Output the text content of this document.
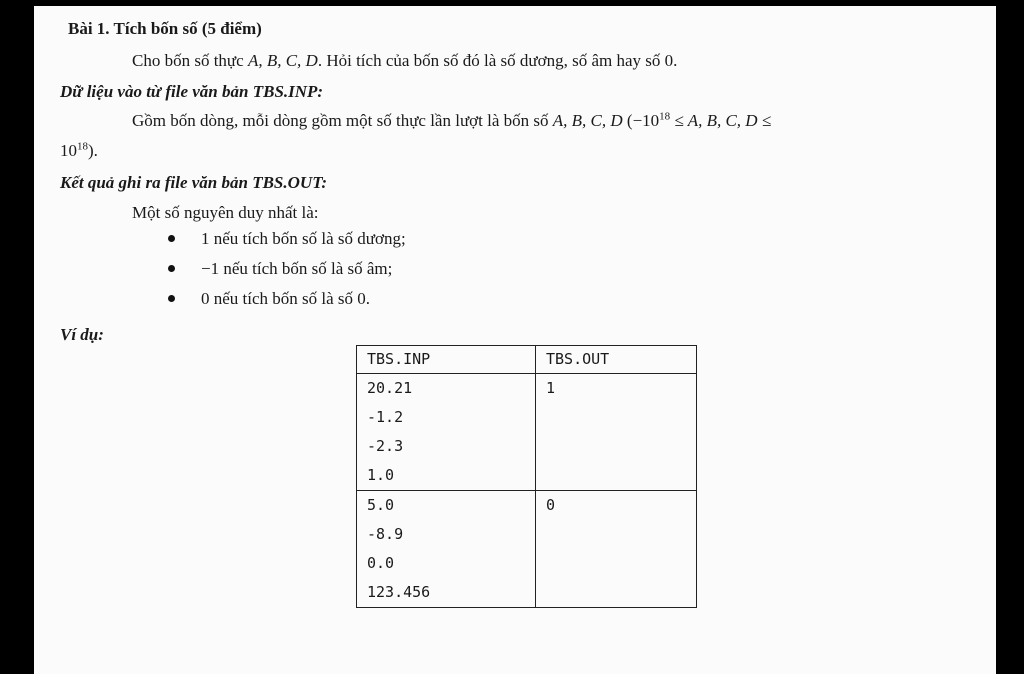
Bài 1. Tích bốn số (5 điểm)
Cho bốn số thực A, B, C, D. Hỏi tích của bốn số đó là số dương, số âm hay số 0.
Dữ liệu vào từ file văn bản TBS.INP:
Gồm bốn dòng, mỗi dòng gồm một số thực lần lượt là bốn số A, B, C, D ($-10^{18} \le A$, B, C, D ≤
$10^{18}$).
Kết quả ghi ra file văn bản TBS.OUT:
Một số nguyên duy nhất là:
1 nếu tích bốn số là số dương;
−1 nếu tích bốn số là số âm;
0 nếu tích bốn số là số 0.
Ví dụ:
TBS.INP	TBS.OUT

20.21
-1.2
-2.3
1.0	1

5.0
-8.9
0.0
123.456	0
